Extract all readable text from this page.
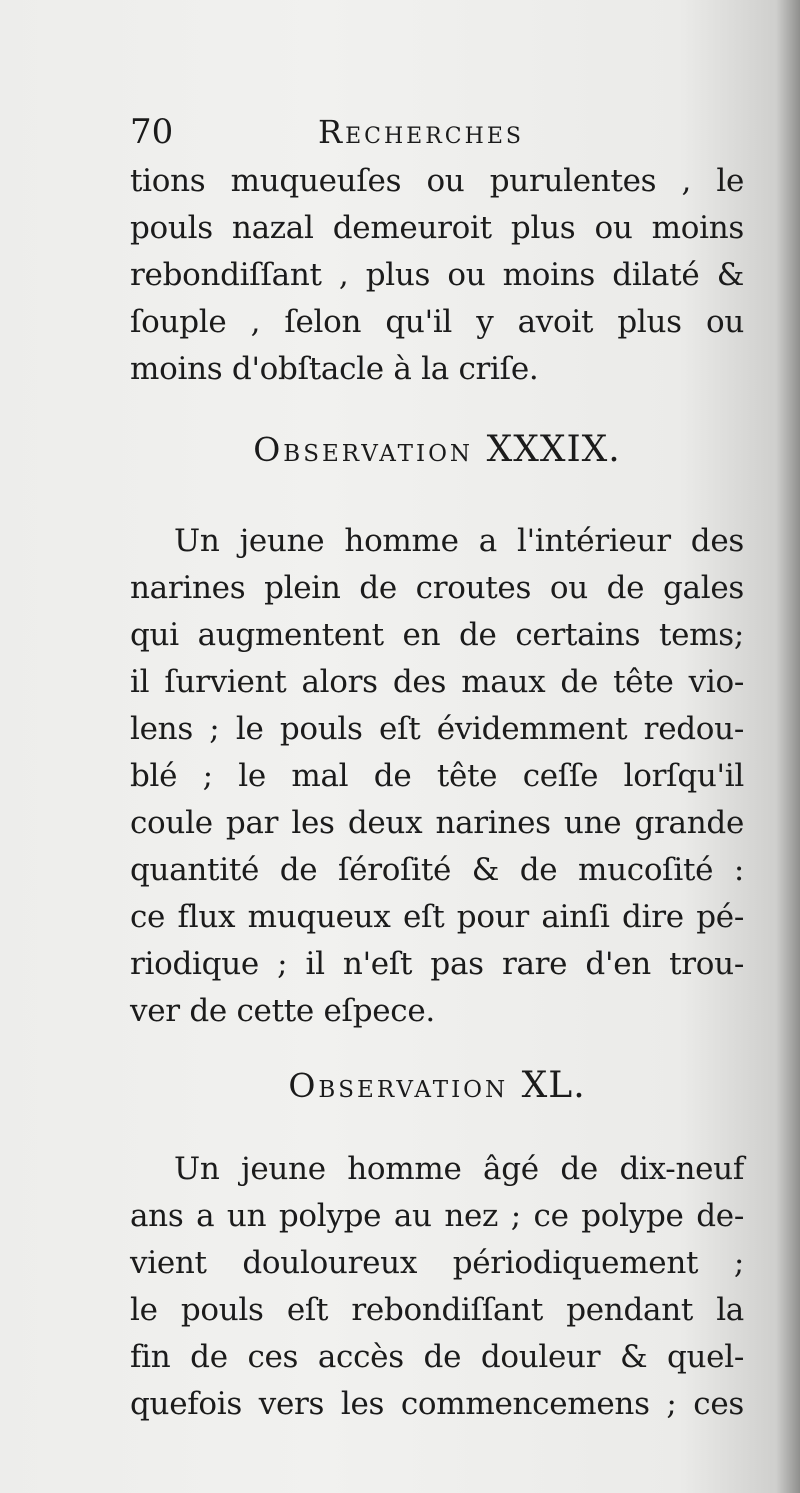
70	Recherches
tions muqueuſes ou purulentes , le
pouls nazal demeuroit plus ou moins
rebondiſſant , plus ou moins dilaté &
ſouple , ſelon qu'il y avoit plus ou
moins d'obſtacle à la criſe.
Observation XXXIX.
Un jeune homme a l'intérieur des
narines plein de croutes ou de gales
qui augmentent en de certains tems;
il ſurvient alors des maux de tête vio-
lens ; le pouls eſt évidemment redou-
blé ; le mal de tête ceſſe lorſqu'il
coule par les deux narines une grande
quantité de ſéroſité & de mucoſité :
ce flux muqueux eſt pour ainſi dire pé-
riodique ; il n'eſt pas rare d'en trou-
ver de cette eſpece.
Observation XL.
Un jeune homme âgé de dix-neuf
ans a un polype au nez ; ce polype de-
vient douloureux périodiquement ;
le pouls eſt rebondiſſant pendant la
fin de ces accès de douleur & quel-
quefois vers les commencemens ; ces
